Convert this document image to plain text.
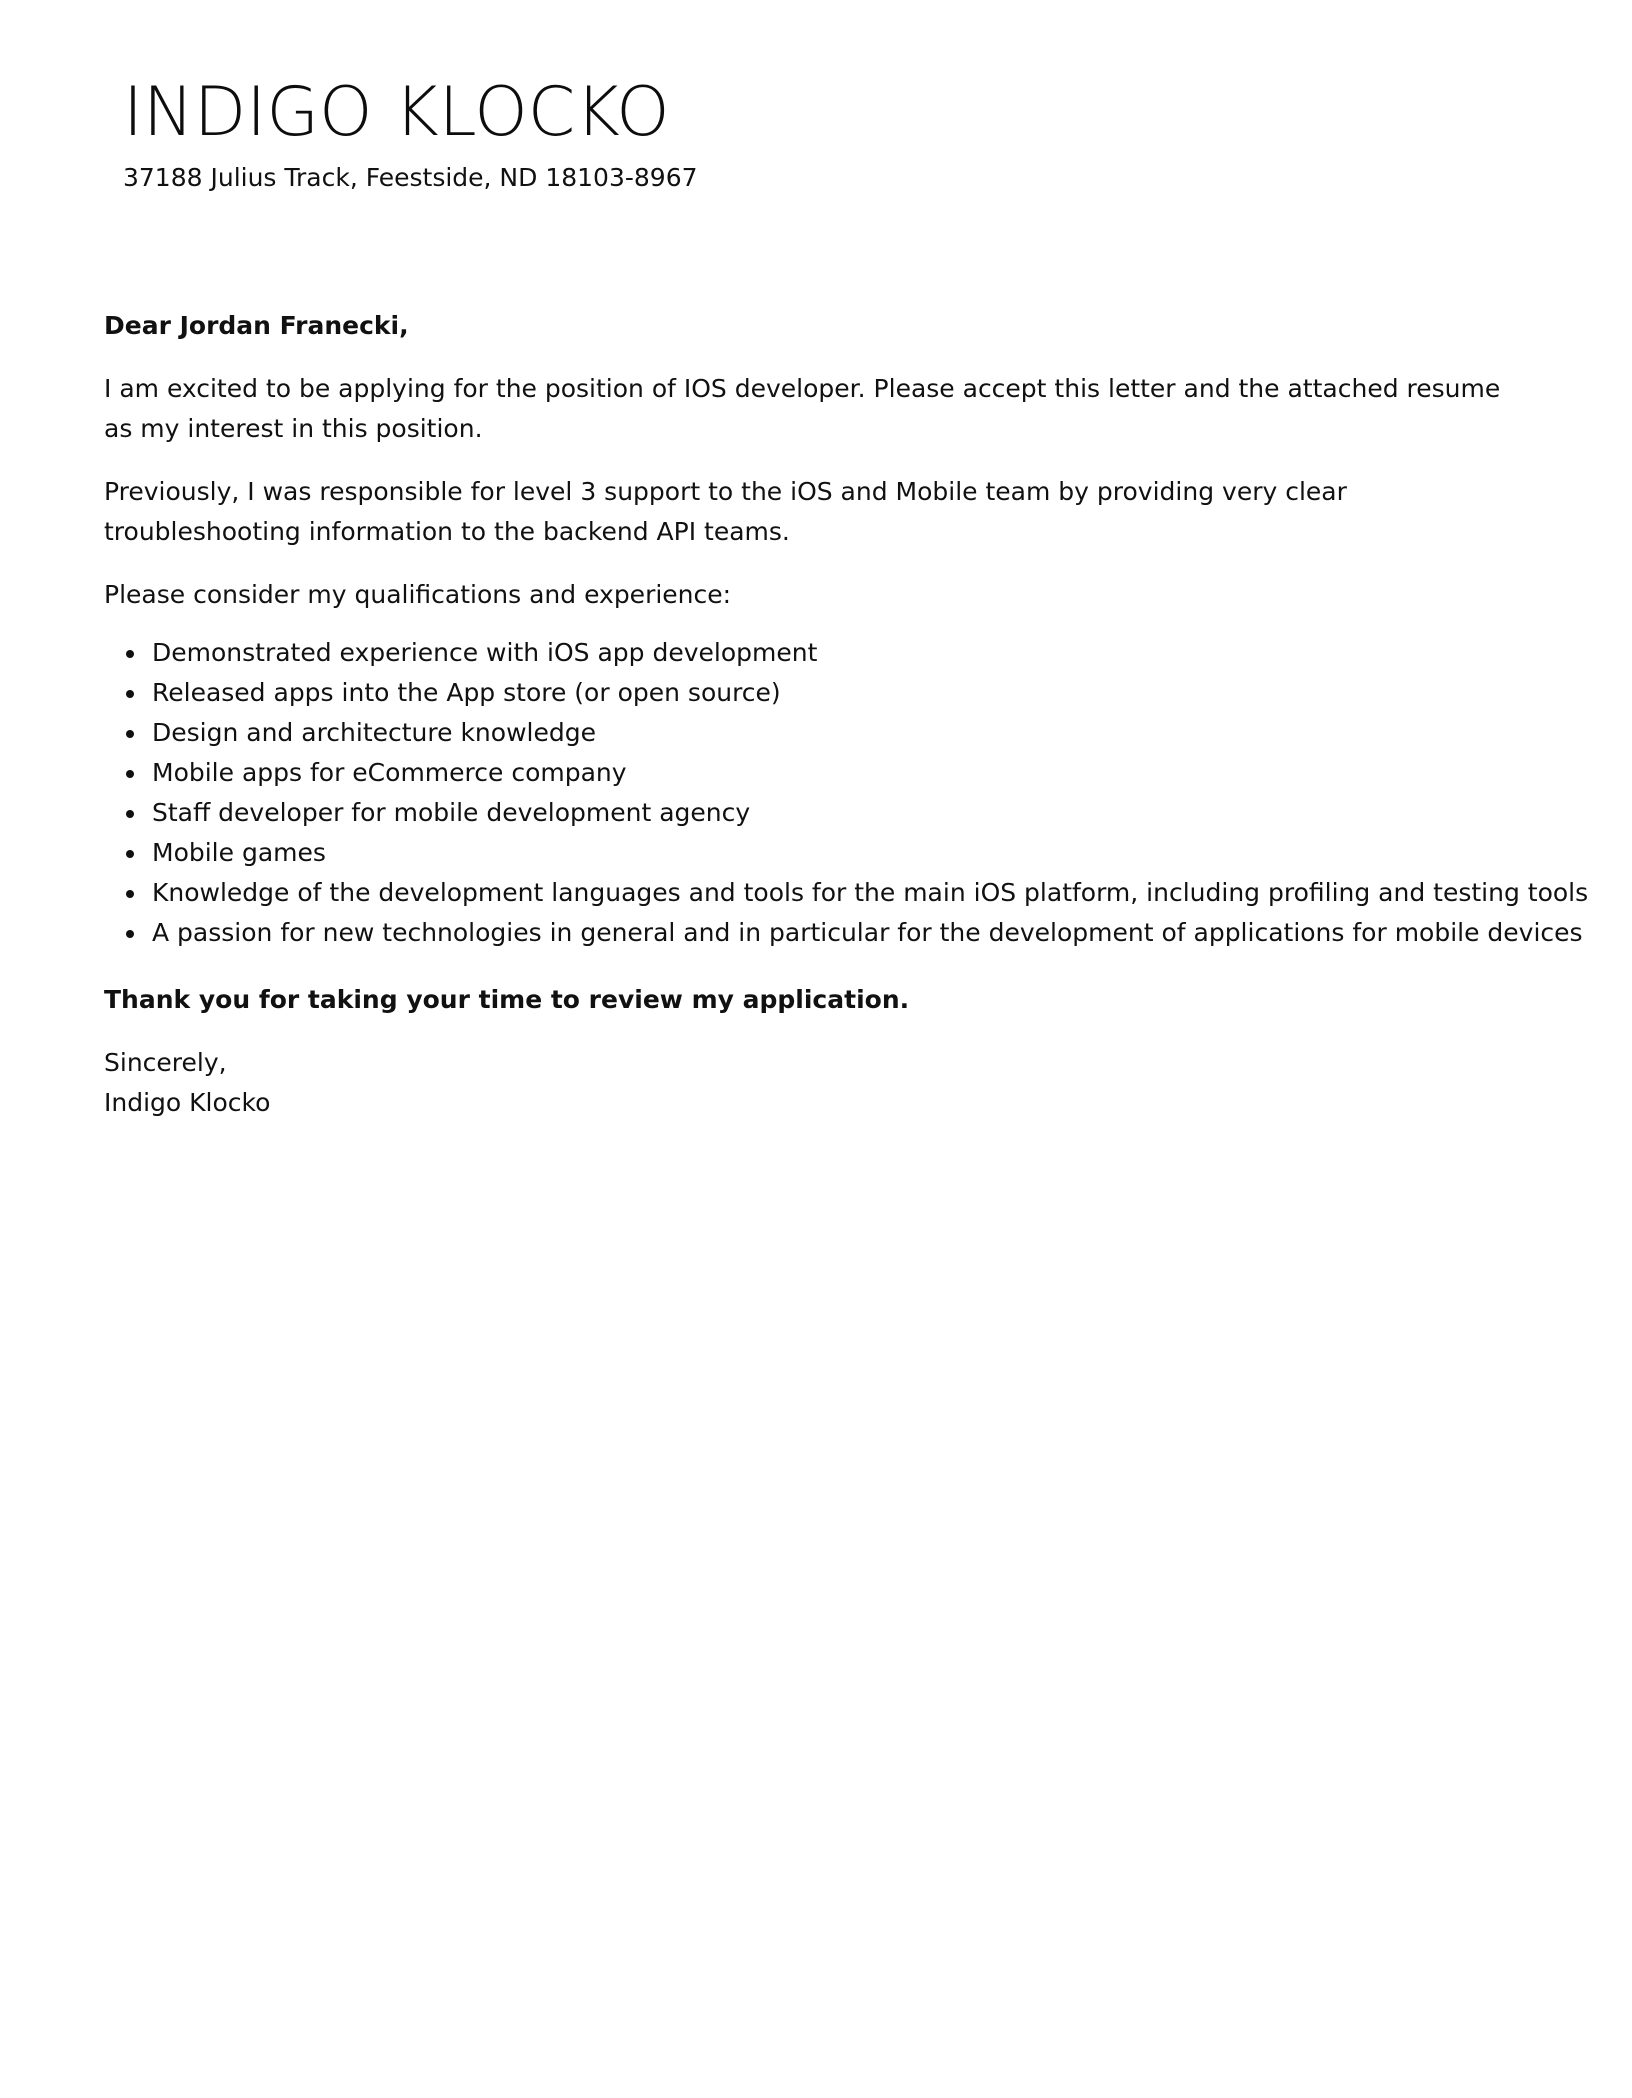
INDIGO KLOCKO
37188 Julius Track, Feestside, ND 18103-8967

Dear Jordan Franecki,

I am excited to be applying for the position of IOS developer. Please accept this letter and the attached resume as my interest in this position.

Previously, I was responsible for level 3 support to the iOS and Mobile team by providing very clear troubleshooting information to the backend API teams.

Please consider my qualifications and experience:

Demonstrated experience with iOS app development
Released apps into the App store (or open source)
Design and architecture knowledge
Mobile apps for eCommerce company
Staff developer for mobile development agency
Mobile games
Knowledge of the development languages and tools for the main iOS platform, including profiling and testing tools
A passion for new technologies in general and in particular for the development of applications for mobile devices

Thank you for taking your time to review my application.

Sincerely,
Indigo Klocko
